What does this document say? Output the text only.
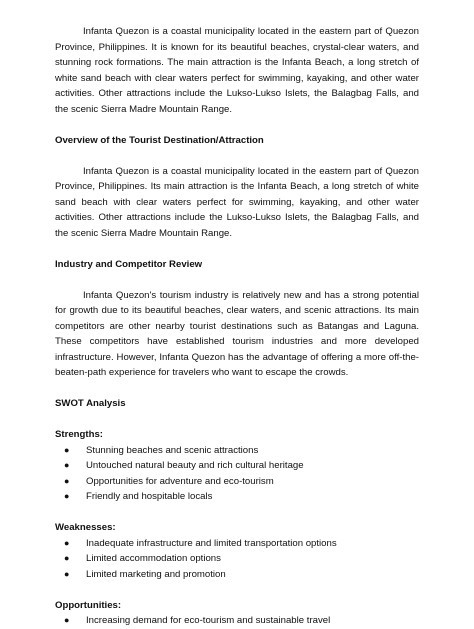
Infanta Quezon is a coastal municipality located in the eastern part of Quezon Province, Philippines. It is known for its beautiful beaches, crystal-clear waters, and stunning rock formations. The main attraction is the Infanta Beach, a long stretch of white sand beach with clear waters perfect for swimming, kayaking, and other water activities. Other attractions include the Lukso-Lukso Islets, the Balagbag Falls, and the scenic Sierra Madre Mountain Range.

Overview of the Tourist Destination/Attraction

Infanta Quezon is a coastal municipality located in the eastern part of Quezon Province, Philippines. Its main attraction is the Infanta Beach, a long stretch of white sand beach with clear waters perfect for swimming, kayaking, and other water activities. Other attractions include the Lukso-Lukso Islets, the Balagbag Falls, and the scenic Sierra Madre Mountain Range.

Industry and Competitor Review

Infanta Quezon's tourism industry is relatively new and has a strong potential for growth due to its beautiful beaches, clear waters, and scenic attractions. Its main competitors are other nearby tourist destinations such as Batangas and Laguna. These competitors have established tourism industries and more developed infrastructure. However, Infanta Quezon has the advantage of offering a more off-the-beaten-path experience for travelers who want to escape the crowds.

SWOT Analysis

Strengths:

● Stunning beaches and scenic attractions
● Untouched natural beauty and rich cultural heritage
● Opportunities for adventure and eco-tourism
● Friendly and hospitable locals

Weaknesses:

● Inadequate infrastructure and limited transportation options
● Limited accommodation options
● Limited marketing and promotion

Opportunities:

● Increasing demand for eco-tourism and sustainable travel
